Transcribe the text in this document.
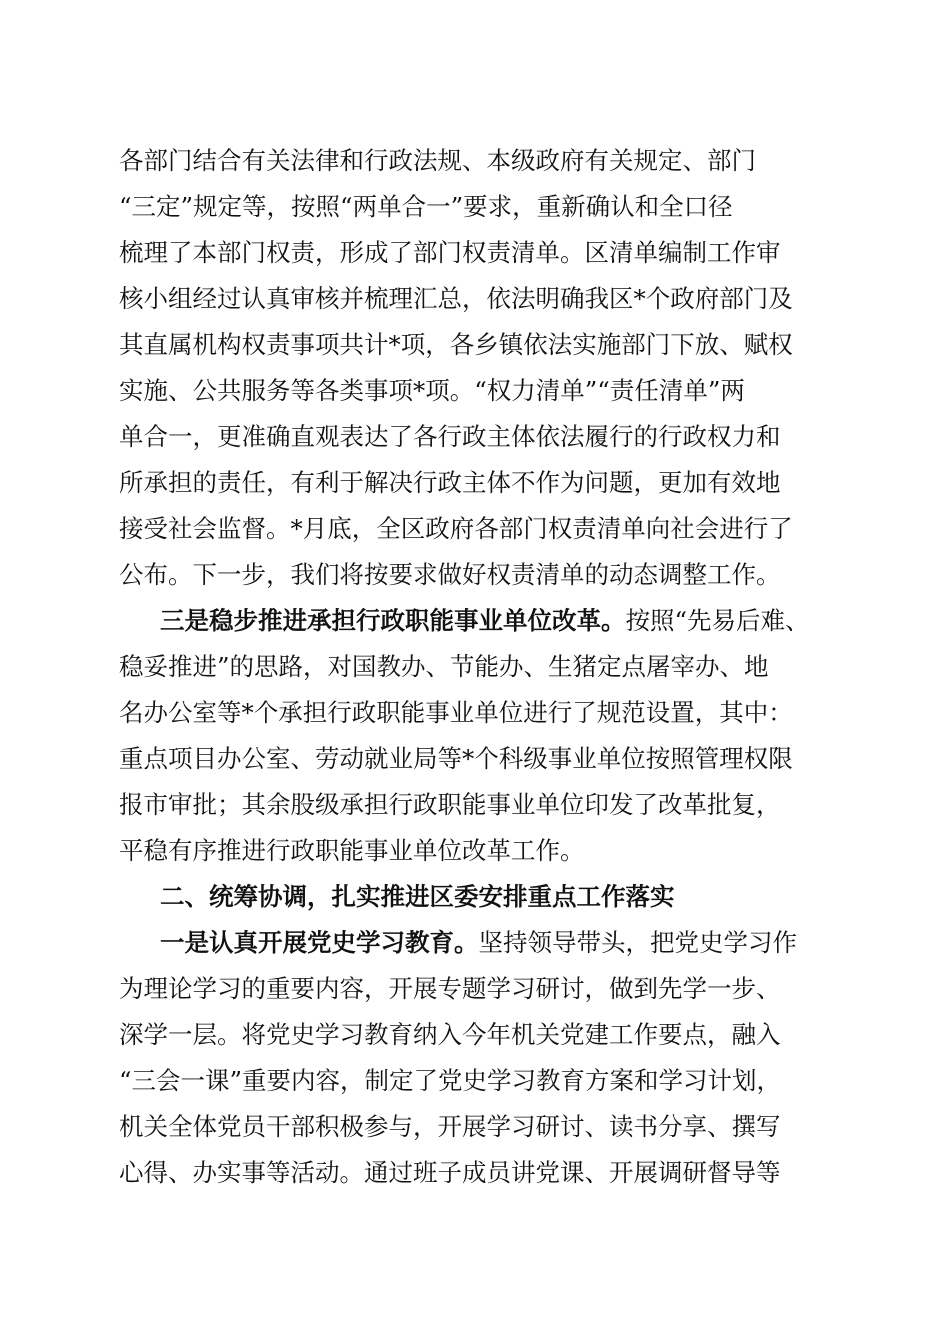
各部门结合有关法律和行政法规、本级政府有关规定、部门
“三定”规定等，按照“两单合一”要求，重新确认和全口径
梳理了本部门权责，形成了部门权责清单。区清单编制工作审
核小组经过认真审核并梳理汇总，依法明确我区*个政府部门及
其直属机构权责事项共计*项，各乡镇依法实施部门下放、赋权
实施、公共服务等各类事项*项。“权力清单”“责任清单”两
单合一，更准确直观表达了各行政主体依法履行的行政权力和
所承担的责任，有利于解决行政主体不作为问题，更加有效地
接受社会监督。*月底，全区政府各部门权责清单向社会进行了
公布。下一步，我们将按要求做好权责清单的动态调整工作。
三是稳步推进承担行政职能事业单位改革。按照“先易后难、
稳妥推进”的思路，对国教办、节能办、生猪定点屠宰办、地
名办公室等*个承担行政职能事业单位进行了规范设置，其中：
重点项目办公室、劳动就业局等*个科级事业单位按照管理权限
报市审批；其余股级承担行政职能事业单位印发了改革批复，
平稳有序推进行政职能事业单位改革工作。
二、统筹协调，扎实推进区委安排重点工作落实
一是认真开展党史学习教育。坚持领导带头，把党史学习作
为理论学习的重要内容，开展专题学习研讨，做到先学一步、
深学一层。将党史学习教育纳入今年机关党建工作要点，融入
“三会一课”重要内容，制定了党史学习教育方案和学习计划，
机关全体党员干部积极参与，开展学习研讨、读书分享、撰写
心得、办实事等活动。通过班子成员讲党课、开展调研督导等
